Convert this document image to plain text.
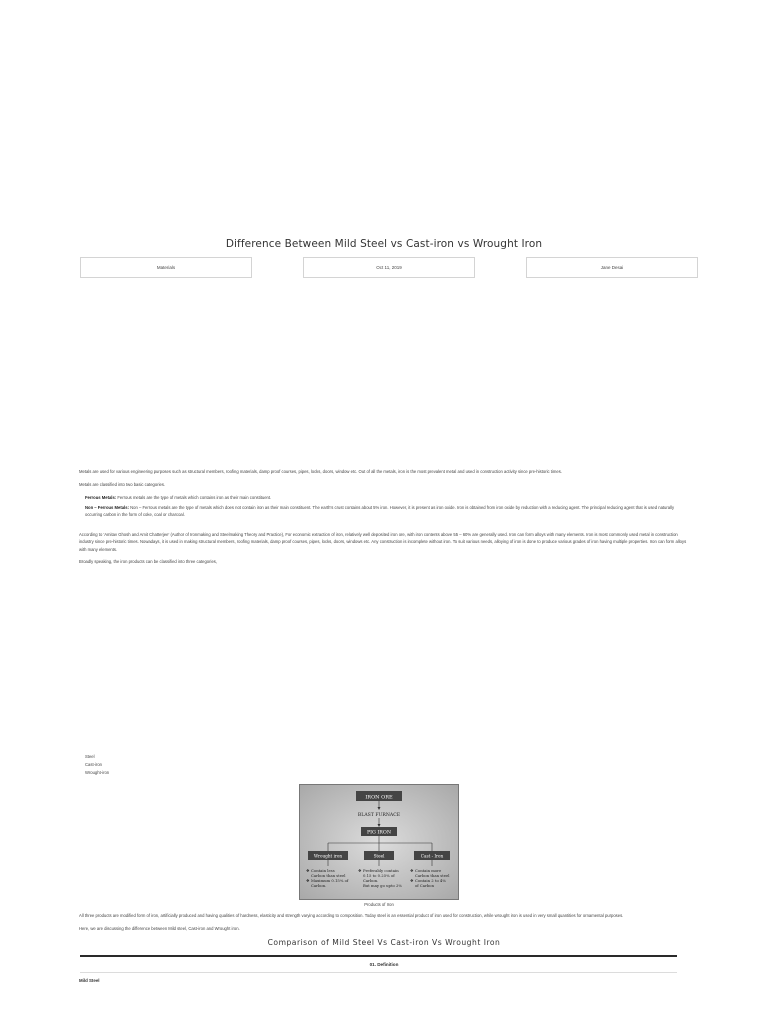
Difference Between Mild Steel vs Cast-iron vs Wrought Iron
Materials	Oct 11, 2019	Jane Desai

Metals are used for various engineering purposes such as structural members, roofing materials, damp proof courses, pipes, locks, doors, window etc. Out of all the metals, iron is the most prevalent metal and used in construction activity since pre-historic times.

Metals are classified into two basic categories.

Ferrous Metals: Ferrous metals are the type of metals which contains iron as their main constituent.

Non – Ferrous Metals: Non – Ferrous metals are the type of metals which does not contain iron as their main constituent. The earth's crust contains about 5% iron. However, it is present as iron oxide. Iron is obtained from iron oxide by reduction with a reducing agent. The principal reducing agent that is used naturally occurring carbon in the form of coke, coal or charcoal.

According to 'Amitav Ghosh and Amit Chatterjee' (Author of Ironmaking and Steelmaking Theory and Practice), For economic extraction of iron, relatively well deposited iron ore, with iron contents above 55 – 60% are generally used. Iron can form alloys with many elements. Iron is most commonly used metal in construction industry since pre-historic times. Nowadays, it is used in making structural members, roofing materials, damp proof courses, pipes, locks, doors, windows etc. Any construction is incomplete without iron. To suit various needs, alloying of iron is done to produce various grades of iron having multiple properties. Iron can form alloys with many elements.

Broadly speaking, the iron products can be classified into three categories,

Steel
Cast-iron
Wrought-iron
IRON ORE
BLAST FURNACE
PIG IRON
Wrought iron	Steel	Cast - Iron
❖ Contain less
Carbon than steel
❖ Maximum 0.15% of
Carbon.
❖ Preferably contain
0.15 to 0.25% of
Carbon.
But may go upto 2%
❖ Contain more
Carbon than steel
❖ Contain 2 to 4%
of Carbon
Products of Iron

All three products are modified form of iron, artificially produced and having qualities of hardness, elasticity and strength varying according to composition. Today steel is an essential product of iron used for construction, while wrought iron is used in very small quantities for ornamental purposes.

Here, we are discussing the difference between Mild steel, Cast-iron and Wrought iron.

Comparison of Mild Steel Vs Cast-iron Vs Wrought Iron
01. Definition
Mild Steel
